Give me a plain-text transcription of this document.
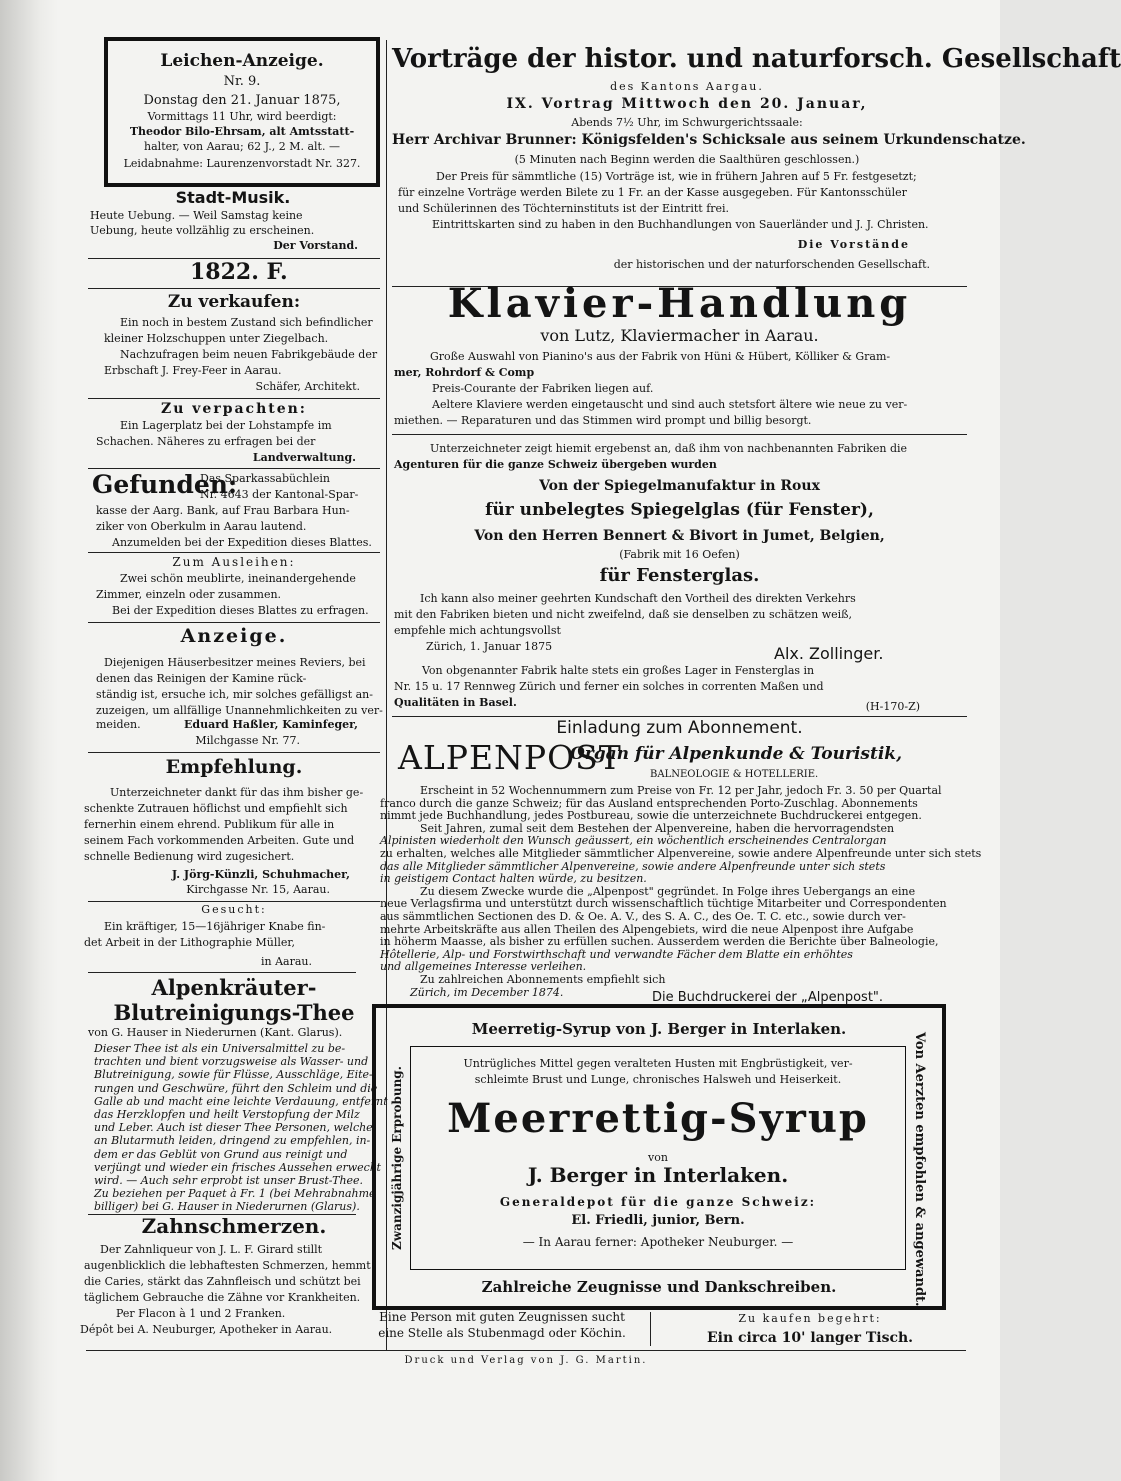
Leichen-Anzeige.
Nr. 9.
Donstag den 21. Januar 1875,
Vormittags 11 Uhr, wird beerdigt:
Theodor Bilo-Ehrsam, alt Amtsstatt-
halter, von Aarau; 62 J., 2 M. alt. —
Leidabnahme: Laurenzenvorstadt Nr. 327.
Stadt-Musik.
Heute Uebung. — Weil Samstag keine
Uebung, heute vollzählig zu erscheinen.
Der Vorstand.
1822. F.
Zu verkaufen:
Ein noch in bestem Zustand sich befindlicher
kleiner Holzschuppen unter Ziegelbach.
Nachzufragen beim neuen Fabrikgebäude der
Erbschaft J. Frey-Feer in Aarau.
Schäfer, Architekt.
Zu verpachten:
Ein Lagerplatz bei der Lohstampfe im
Schachen. Näheres zu erfragen bei der
Landverwaltung.
Gefunden:
Das Sparkassabüchlein
Nr. 4643 der Kantonal-Spar-
kasse der Aarg. Bank, auf Frau Barbara Hun-
ziker von Oberkulm in Aarau lautend.
Anzumelden bei der Expedition dieses Blattes.
Zum Ausleihen:
Zwei schön meublirte, ineinandergehende
Zimmer, einzeln oder zusammen.
Bei der Expedition dieses Blattes zu erfragen.
Anzeige.
Diejenigen Häuserbesitzer meines Reviers, bei
denen das Reinigen der Kamine rück-
ständig ist, ersuche ich, mir solches gefälligst an-
zuzeigen, um allfällige Unannehmlichkeiten zu ver-
meiden.	Eduard Haßler, Kaminfeger,
Milchgasse Nr. 77.
Empfehlung.
Unterzeichneter dankt für das ihm bisher ge-
schenkte Zutrauen höflichst und empfiehlt sich
fernerhin einem ehrend. Publikum für alle in
seinem Fach vorkommenden Arbeiten. Gute und
schnelle Bedienung wird zugesichert.
J. Jörg-Künzli, Schuhmacher,
Kirchgasse Nr. 15, Aarau.
Gesucht:
Ein kräftiger, 15—16jähriger Knabe fin-
det Arbeit in der Lithographie Müller,
in Aarau.
Alpenkräuter-
Blutreinigungs-Thee
von G. Hauser in Niederurnen (Kant. Glarus).
Dieser Thee ist als ein Universalmittel zu be-
trachten und bient vorzugsweise als Wasser- und
Blutreinigung, sowie für Flüsse, Ausschläge, Eite-
rungen und Geschwüre, führt den Schleim und die
Galle ab und macht eine leichte Verdauung, entfernt
das Herzklopfen und heilt Verstopfung der Milz
und Leber. Auch ist dieser Thee Personen, welche
an Blutarmuth leiden, dringend zu empfehlen, in-
dem er das Geblüt von Grund aus reinigt und
verjüngt und wieder ein frisches Aussehen erweckt
wird. — Auch sehr erprobt ist unser Brust-Thee.
Zu beziehen per Paquet à Fr. 1 (bei Mehrabnahme
billiger) bei G. Hauser in Niederurnen (Glarus).
Zahnschmerzen.
Der Zahnliqueur von J. L. F. Girard stillt
augenblicklich die lebhaftesten Schmerzen, hemmt
die Caries, stärkt das Zahnfleisch und schützt bei
täglichem Gebrauche die Zähne vor Krankheiten.
Per Flacon à 1 und 2 Franken.
Dépôt bei A. Neuburger, Apotheker in Aarau.
Vorträge der histor. und naturforsch. Gesellschaft
des Kantons Aargau.
IX. Vortrag Mittwoch den 20. Januar,
Abends 7½ Uhr, im Schwurgerichtssaale:
Herr Archivar Brunner: Königsfelden's Schicksale aus seinem Urkundenschatze.
(5 Minuten nach Beginn werden die Saalthüren geschlossen.)
Der Preis für sämmtliche (15) Vorträge ist, wie in frühern Jahren auf 5 Fr. festgesetzt;
für einzelne Vorträge werden Bilete zu 1 Fr. an der Kasse ausgegeben. Für Kantonsschüler
und Schülerinnen des Töchterninstituts ist der Eintritt frei.
Eintrittskarten sind zu haben in den Buchhandlungen von Sauerländer und J. J. Christen.
Die Vorstände
der historischen und der naturforschenden Gesellschaft.
Klavier-Handlung
von Lutz, Klaviermacher in Aarau.
Große Auswahl von Pianino's aus der Fabrik von Hüni & Hübert, Kölliker & Gram-
mer, Rohrdorf & Comp
Preis-Courante der Fabriken liegen auf.
Aeltere Klaviere werden eingetauscht und sind auch stetsfort ältere wie neue zu ver-
miethen. — Reparaturen und das Stimmen wird prompt und billig besorgt.
Unterzeichneter zeigt hiemit ergebenst an, daß ihm von nachbenannten Fabriken die
Agenturen für die ganze Schweiz übergeben wurden
Von der Spiegelmanufaktur in Roux
für unbelegtes Spiegelglas (für Fenster),
Von den Herren Bennert & Bivort in Jumet, Belgien,
(Fabrik mit 16 Oefen)
für Fensterglas.
Ich kann also meiner geehrten Kundschaft den Vortheil des direkten Verkehrs
mit den Fabriken bieten und nicht zweifelnd, daß sie denselben zu schätzen weiß,
empfehle mich achtungsvollst
Zürich, 1. Januar 1875	Alx. Zollinger.
Von obgenannter Fabrik halte stets ein großes Lager in Fensterglas in
Nr. 15 u. 17 Rennweg Zürich und ferner ein solches in correnten Maßen und
Qualitäten in Basel.	(H-170-Z)
Einladung zum Abonnement.
ALPENPOST
Organ für Alpenkunde & Touristik,
BALNEOLOGIE & HOTELLERIE.
Erscheint in 52 Wochennummern zum Preise von Fr. 12 per Jahr, jedoch Fr. 3. 50 per Quartal
franco durch die ganze Schweiz; für das Ausland entsprechenden Porto-Zuschlag. Abonnements
nimmt jede Buchhandlung, jedes Postbureau, sowie die unterzeichnete Buchdruckerei entgegen.
Seit Jahren, zumal seit dem Bestehen der Alpenvereine, haben die hervorragendsten
Alpinisten wiederholt den Wunsch geäussert, ein wöchentlich erscheinendes Centralorgan
zu erhalten, welches alle Mitglieder sämmtlicher Alpenvereine, sowie andere Alpenfreunde unter sich stets
das alle Mitglieder sämmtlicher Alpenvereine, sowie andere Alpenfreunde unter sich stets
in geistigem Contact halten würde, zu besitzen.
Zu diesem Zwecke wurde die „Alpenpost" gegründet. In Folge ihres Uebergangs an eine
neue Verlagsfirma und unterstützt durch wissenschaftlich tüchtige Mitarbeiter und Correspondenten
aus sämmtlichen Sectionen des D. & Oe. A. V., des S. A. C., des Oe. T. C. etc., sowie durch ver-
mehrte Arbeitskräfte aus allen Theilen des Alpengebiets, wird die neue Alpenpost ihre Aufgabe
in höherm Maasse, als bisher zu erfüllen suchen. Ausserdem werden die Berichte über Balneologie,
Hôtellerie, Alp- und Forstwirthschaft und verwandte Fächer dem Blatte ein erhöhtes
und allgemeines Interesse verleihen.
Zu zahlreichen Abonnements empfiehlt sich
Zürich, im December 1874.	Die Buchdruckerei der „Alpenpost".
Meerretig-Syrup von J. Berger in Interlaken.
Untrügliches Mittel gegen veralteten Husten mit Engbrüstigkeit, ver-
schleimte Brust und Lunge, chronisches Halsweh und Heiserkeit.
Meerrettig-Syrup
von
J. Berger in Interlaken.
Generaldepot für die ganze Schweiz:
El. Friedli, junior, Bern.
— In Aarau ferner: Apotheker Neuburger. —
Zwanzigjährige Erprobung.	Von Aerzten empfohlen & angewandt.
Zahlreiche Zeugnisse und Dankschreiben.
Eine Person mit guten Zeugnissen sucht
eine Stelle als Stubenmagd oder Köchin.
Zu kaufen begehrt:
Ein circa 10' langer Tisch.
Druck und Verlag von J. G. Martin.
